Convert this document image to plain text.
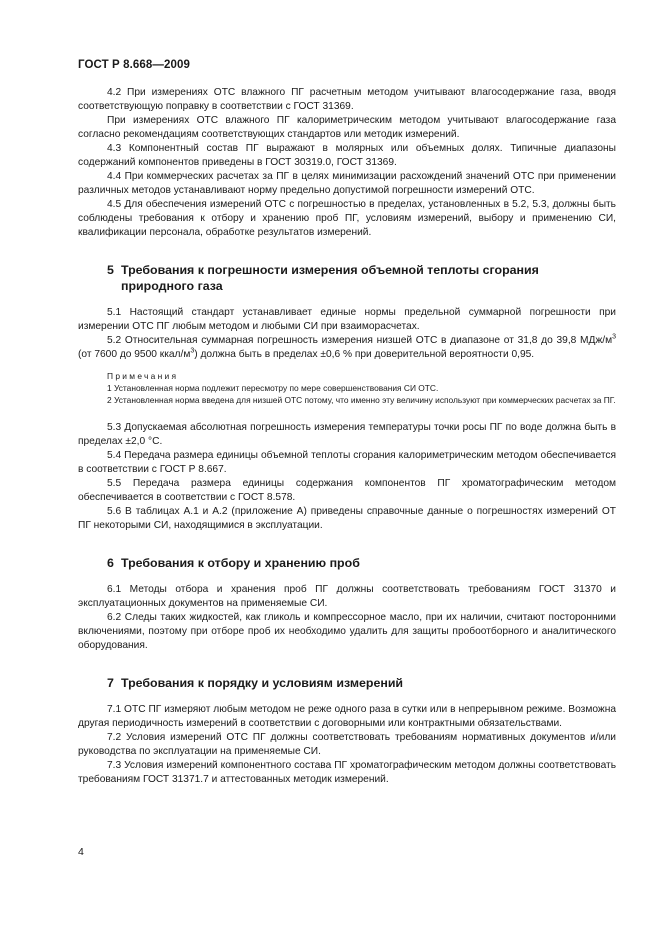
ГОСТ Р 8.668—2009

4.2 При измерениях ОТС влажного ПГ расчетным методом учитывают влагосодержание газа, вводя соответствующую поправку в соответствии с ГОСТ 31369.

При измерениях ОТС влажного ПГ калориметрическим методом учитывают влагосодержание газа согласно рекомендациям соответствующих стандартов или методик измерений.

4.3 Компонентный состав ПГ выражают в молярных или объемных долях. Типичные диапазоны содержаний компонентов приведены в ГОСТ 30319.0, ГОСТ 31369.

4.4 При коммерческих расчетах за ПГ в целях минимизации расхождений значений ОТС при применении различных методов устанавливают норму предельно допустимой погрешности измерений ОТС.

4.5 Для обеспечения измерений ОТС с погрешностью в пределах, установленных в 5.2, 5.3, должны быть соблюдены требования к отбору и хранению проб ПГ, условиям измерений, выбору и применению СИ, квалификации персонала, обработке результатов измерений.

5 Требования к погрешности измерения объемной теплоты сгорания
природного газа

5.1 Настоящий стандарт устанавливает единые нормы предельной суммарной погрешности при измерении ОТС ПГ любым методом и любыми СИ при взаиморасчетах.

5.2 Относительная суммарная погрешность измерения низшей ОТС в диапазоне от 31,8 до 39,8 МДж/$м^3$ (от 7600 до 9500 ккал/$м^3$) должна быть в пределах ±0,6 % при доверительной вероятности 0,95.

Примечания

1 Установленная норма подлежит пересмотру по мере совершенствования СИ ОТС.

2 Установленная норма введена для низшей ОТС потому, что именно эту величину используют при коммерческих расчетах за ПГ.

5.3 Допускаемая абсолютная погрешность измерения температуры точки росы ПГ по воде должна быть в пределах ±2,0 °С.

5.4 Передача размера единицы объемной теплоты сгорания калориметрическим методом обеспечивается в соответствии с ГОСТ Р 8.667.

5.5 Передача размера единицы содержания компонентов ПГ хроматографическим методом обеспечивается в соответствии с ГОСТ 8.578.

5.6 В таблицах А.1 и А.2 (приложение А) приведены справочные данные о погрешностях измерений ОТ ПГ некоторыми СИ, находящимися в эксплуатации.

6 Требования к отбору и хранению проб

6.1 Методы отбора и хранения проб ПГ должны соответствовать требованиям ГОСТ 31370 и эксплуатационных документов на применяемые СИ.

6.2 Следы таких жидкостей, как гликоль и компрессорное масло, при их наличии, считают посторонними включениями, поэтому при отборе проб их необходимо удалить для защиты пробоотборного и аналитического оборудования.

7 Требования к порядку и условиям измерений

7.1 ОТС ПГ измеряют любым методом не реже одного раза в сутки или в непрерывном режиме. Возможна другая периодичность измерений в соответствии с договорными или контрактными обязательствами.

7.2 Условия измерений ОТС ПГ должны соответствовать требованиям нормативных документов и/или руководства по эксплуатации на применяемые СИ.

7.3 Условия измерений компонентного состава ПГ хроматографическим методом должны соответствовать требованиям ГОСТ 31371.7 и аттестованных методик измерений.

4
